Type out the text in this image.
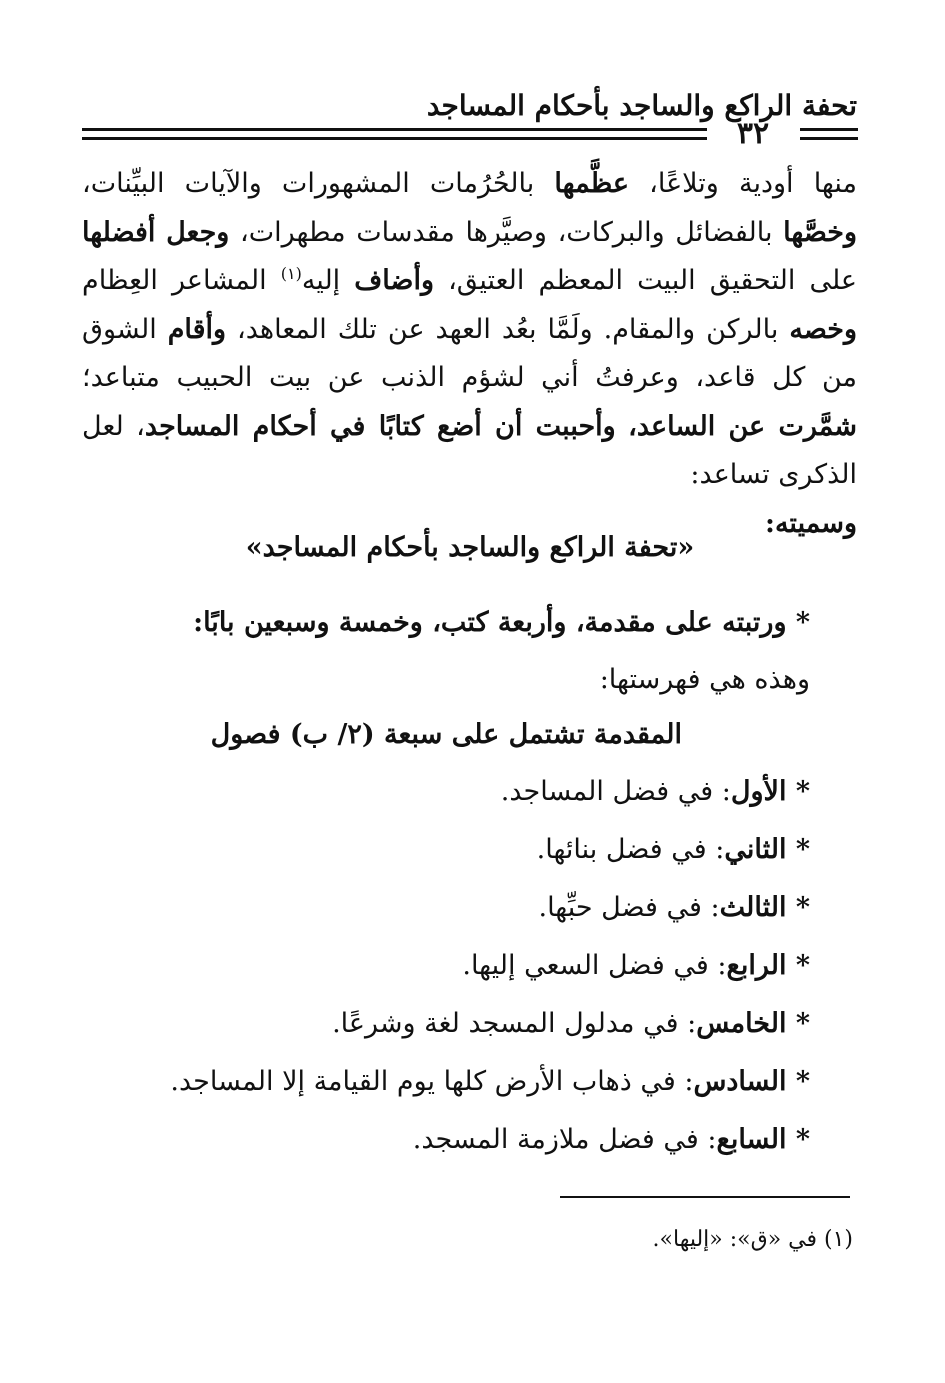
تحفة الراكع والساجد بأحكام المساجد
٣٢
منها أودية وتلاعًا، عظَّمها بالحُرُمات المشهورات والآيات البيِّنات، وخصَّها بالفضائل والبركات، وصيَّرها مقدسات مطهرات، وجعل أفضلها على التحقيق البيت المعظم العتيق، وأضاف إليه$^{(١)}$ المشاعر العِظام وخصه بالركن والمقام. ولَمَّا بعُد العهد عن تلك المعاهد، وأقام الشوق من كل قاعد، وعرفتُ أني لشؤم الذنب عن بيت الحبيب متباعد؛ شمَّرت عن الساعد، وأحببت أن أضع كتابًا في أحكام المساجد، لعل الذكرى تساعد:
وسميته:
«تحفة الراكع والساجد بأحكام المساجد»
* ورتبته على مقدمة، وأربعة كتب، وخمسة وسبعين بابًا:
وهذه هي فهرستها:
المقدمة تشتمل على سبعة (٢/ ب) فصول
* الأول: في فضل المساجد.
* الثاني: في فضل بنائها.
* الثالث: في فضل حبِّها.
* الرابع: في فضل السعي إليها.
* الخامس: في مدلول المسجد لغة وشرعًا.
* السادس: في ذهاب الأرض كلها يوم القيامة إلا المساجد.
* السابع: في فضل ملازمة المسجد.
(١) في «ق»: «إليها».
